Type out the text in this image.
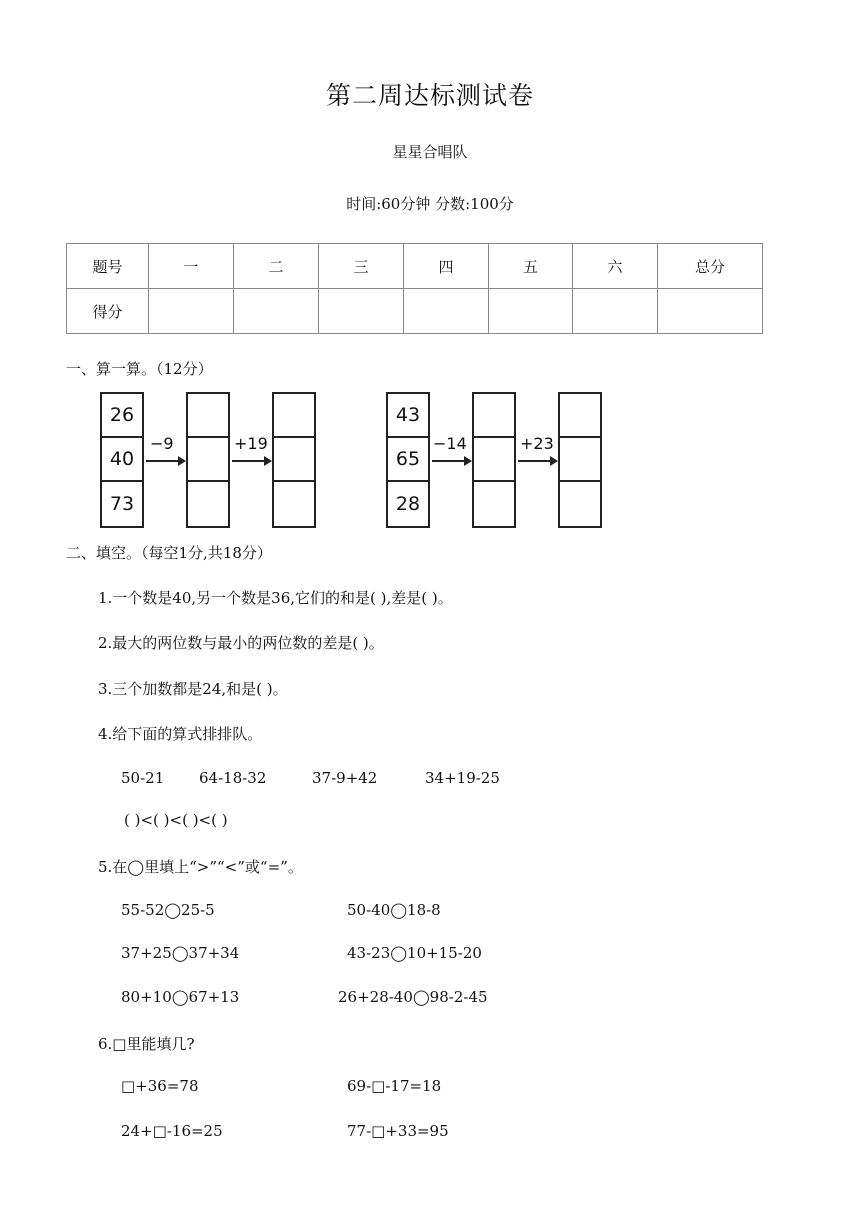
第二周达标测试卷
星星合唱队
时间:60分钟 分数:100分
题号	一	二	三	四	五	六	总分
得分							
一、算一算。（12分）
26
40
73
−9	+19
43
65
28
−14	+23
二、填空。（每空1分,共18分）
1.一个数是40,另一个数是36,它们的和是( ),差是( )。
2.最大的两位数与最小的两位数的差是( )。
3.三个加数都是24,和是( )。
4.给下面的算式排排队。
50-21 64-18-32	37-9+42	34+19-25
( )<( )<( )<( )
5.在◯里填上“>”“<”或“=”。
55-52◯25-5	50-40◯18-8
37+25◯37+34	43-23◯10+15-20
80+10◯67+13	26+28-40◯98-2-45
6.□里能填几?
□+36=78	69-□-17=18
24+□-16=25	77-□+33=95
